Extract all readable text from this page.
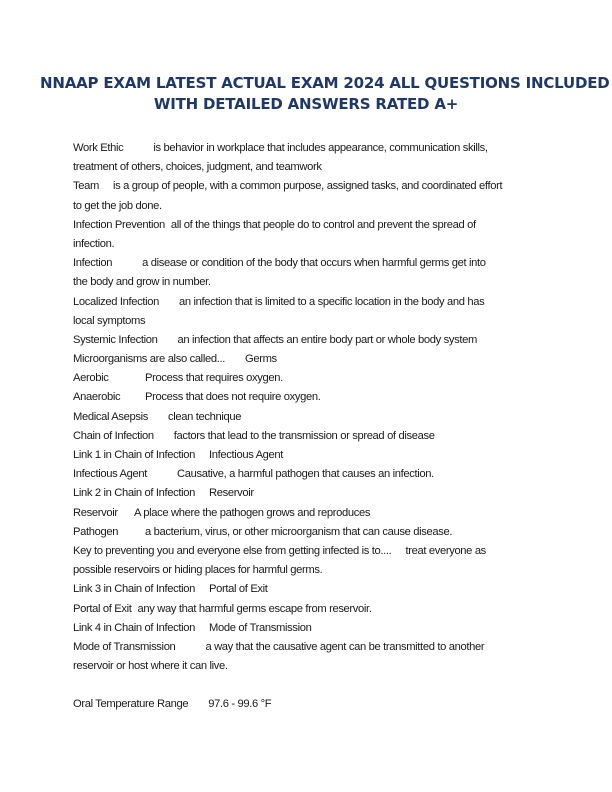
NNAAP EXAM LATEST ACTUAL EXAM 2024 ALL QUESTIONS INCLUDED
WITH DETAILED ANSWERS RATED A+
Work Ethic	is behavior in workplace that includes appearance, communication skills,
treatment of others, choices, judgment, and teamwork
Team is a group of people, with a common purpose, assigned tasks, and coordinated effort
to get the job done.
Infection Prevention all of the things that people do to control and prevent the spread of
infection.
Infection	a disease or condition of the body that occurs when harmful germs get into
the body and grow in number.
Localized Infection an infection that is limited to a specific location in the body and has
local symptoms
Systemic Infection an infection that affects an entire body part or whole body system
Microorganisms are also called... Germs
Aerobic	Process that requires oxygen.
Anaerobic Process that does not require oxygen.
Medical Asepsis clean technique
Chain of Infection factors that lead to the transmission or spread of disease
Link 1 in Chain of Infection Infectious Agent
Infectious Agent	Causative, a harmful pathogen that causes an infection.
Link 2 in Chain of Infection Reservoir
Reservoir A place where the pathogen grows and reproduces
Pathogen a bacterium, virus, or other microorganism that can cause disease.
Key to preventing you and everyone else from getting infected is to.... treat everyone as
possible reservoirs or hiding places for harmful germs.
Link 3 in Chain of Infection Portal of Exit
Portal of Exit any way that harmful germs escape from reservoir.
Link 4 in Chain of Infection Mode of Transmission
Mode of Transmission	a way that the causative agent can be transmitted to another
reservoir or host where it can live.
Oral Temperature Range 97.6 - 99.6 °F
